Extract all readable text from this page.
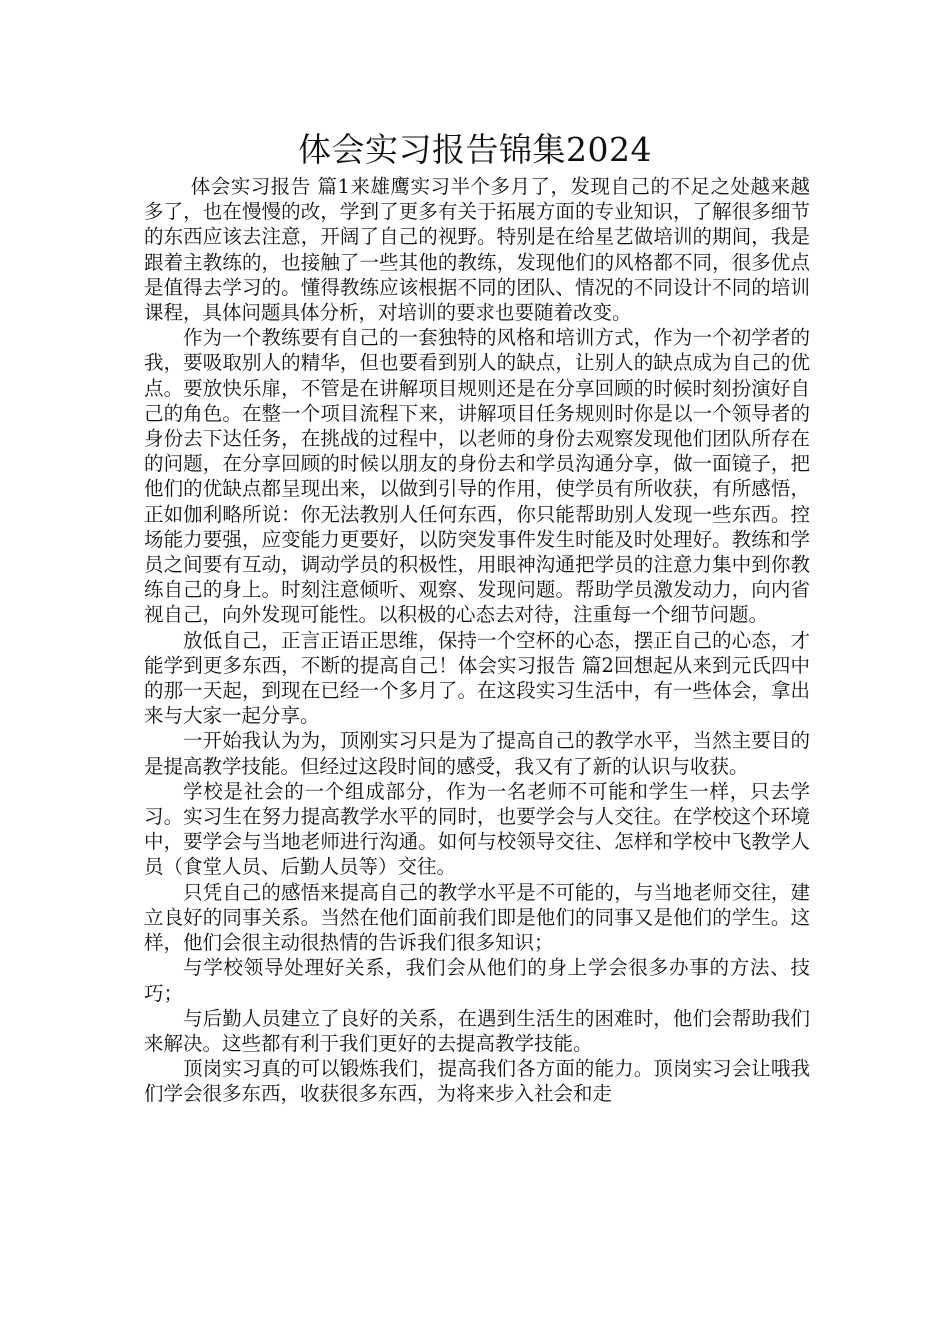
体会实习报告锦集2024

体会实习报告 篇1来雄鹰实习半个多月了，发现自己的不足之处越来越多了，也在慢慢的改，学到了更多有关于拓展方面的专业知识，了解很多细节的东西应该去注意，开阔了自己的视野。特别是在给星艺做培训的期间，我是跟着主教练的，也接触了一些其他的教练，发现他们的风格都不同，很多优点是值得去学习的。懂得教练应该根据不同的团队、情况的不同设计不同的培训课程，具体问题具体分析，对培训的要求也要随着改变。

作为一个教练要有自己的一套独特的风格和培训方式，作为一个初学者的我，要吸取别人的精华，但也要看到别人的缺点，让别人的缺点成为自己的优点。要放快乐扉，不管是在讲解项目规则还是在分享回顾的时候时刻扮演好自己的角色。在整一个项目流程下来，讲解项目任务规则时你是以一个领导者的身份去下达任务，在挑战的过程中，以老师的身份去观察发现他们团队所存在的问题，在分享回顾的时候以朋友的身份去和学员沟通分享，做一面镜子，把他们的优缺点都呈现出来，以做到引导的作用，使学员有所收获，有所感悟，正如伽利略所说：你无法教别人任何东西，你只能帮助别人发现一些东西。控场能力要强，应变能力更要好，以防突发事件发生时能及时处理好。教练和学员之间要有互动，调动学员的积极性，用眼神沟通把学员的注意力集中到你教练自己的身上。时刻注意倾听、观察、发现问题。帮助学员激发动力，向内省视自己，向外发现可能性。以积极的心态去对待，注重每一个细节问题。

放低自己，正言正语正思维，保持一个空杯的心态，摆正自己的心态，才能学到更多东西，不断的提高自己！体会实习报告 篇2回想起从来到元氏四中的那一天起，到现在已经一个多月了。在这段实习生活中，有一些体会，拿出来与大家一起分享。

一开始我认为为，顶刚实习只是为了提高自己的教学水平，当然主要目的是提高教学技能。但经过这段时间的感受，我又有了新的认识与收获。

学校是社会的一个组成部分，作为一名老师不可能和学生一样，只去学习。实习生在努力提高教学水平的同时，也要学会与人交往。在学校这个环境中，要学会与当地老师进行沟通。如何与校领导交往、怎样和学校中飞教学人员（食堂人员、后勤人员等）交往。

只凭自己的感悟来提高自己的教学水平是不可能的，与当地老师交往，建立良好的同事关系。当然在他们面前我们即是他们的同事又是他们的学生。这样，他们会很主动很热情的告诉我们很多知识；

与学校领导处理好关系，我们会从他们的身上学会很多办事的方法、技巧；

与后勤人员建立了良好的关系，在遇到生活生的困难时，他们会帮助我们来解决。这些都有利于我们更好的去提高教学技能。

顶岗实习真的可以锻炼我们，提高我们各方面的能力。顶岗实习会让哦我们学会很多东西，收获很多东西，为将来步入社会和走
